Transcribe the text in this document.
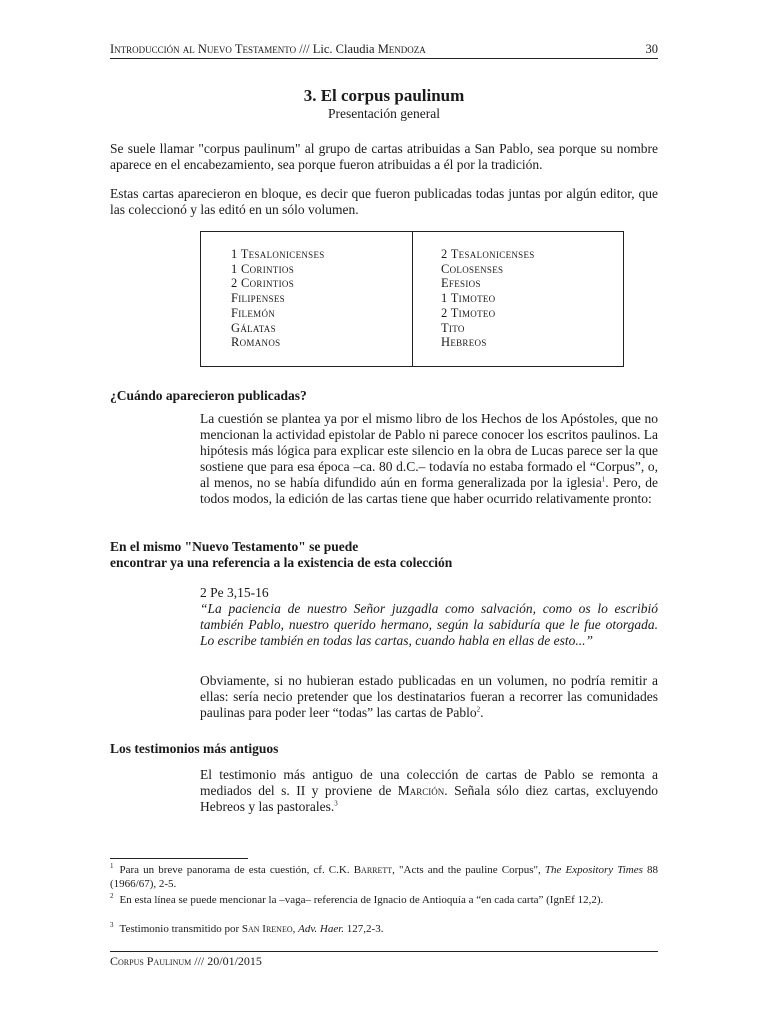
Introducción al Nuevo Testamento /// Lic. Claudia Mendoza	30
3. El corpus paulinum
Presentación general

Se suele llamar "corpus paulinum" al grupo de cartas atribuidas a San Pablo, sea porque su nombre aparece en el encabezamiento, sea porque fueron atribuidas a él por la tradición.

Estas cartas aparecieron en bloque, es decir que fueron publicadas todas juntas por algún editor, que las coleccionó y las editó en un sólo volumen.

1 Tesalonicenses
1 Corintios
2 Corintios
Filipenses
Filemón
Gálatas
Romanos
2 Tesalonicenses
Colosenses
Efesios
1 Timoteo
2 Timoteo
Tito
Hebreos
¿Cuándo aparecieron publicadas?

La cuestión se plantea ya por el mismo libro de los Hechos de los Apóstoles, que no mencionan la actividad epistolar de Pablo ni parece conocer los escritos paulinos. La hipótesis más lógica para explicar este silencio en la obra de Lucas parece ser la que sostiene que para esa época –ca. 80 d.C.– todavía no estaba formado el “Corpus”, o, al menos, no se había difundido aún en forma generalizada por la iglesia$^1$. Pero, de todos modos, la edición de las cartas tiene que haber ocurrido relativamente pronto:

En el mismo "Nuevo Testamento" se puede
encontrar ya una referencia a la existencia de esta colección
2 Pe 3,15-16

“La paciencia de nuestro Señor juzgadla como salvación, como os lo escribió también Pablo, nuestro querido hermano, según la sabiduría que le fue otorgada. Lo escribe también en todas las cartas, cuando habla en ellas de esto...”

Obviamente, si no hubieran estado publicadas en un volumen, no podría remitir a ellas: sería necio pretender que los destinatarios fueran a recorrer las comunidades paulinas para poder leer “todas” las cartas de Pablo$^2$.

Los testimonios más antiguos

El testimonio más antiguo de una colección de cartas de Pablo se remonta a mediados del s. II y proviene de Marción. Señala sólo diez cartas, excluyendo Hebreos y las pastorales.$^3$

$^1$ Para un breve panorama de esta cuestión, cf. C.K. Barrett, "Acts and the pauline Corpus", The Expository Times 88 (1966/67), 2-5.
$^2$ En esta línea se puede mencionar la –vaga– referencia de Ignacio de Antioquía a “en cada carta” (IgnEf 12,2).
$^3$ Testimonio transmitido por San Ireneo, Adv. Haer. 127,2-3.
Corpus Paulinum /// 20/01/2015
